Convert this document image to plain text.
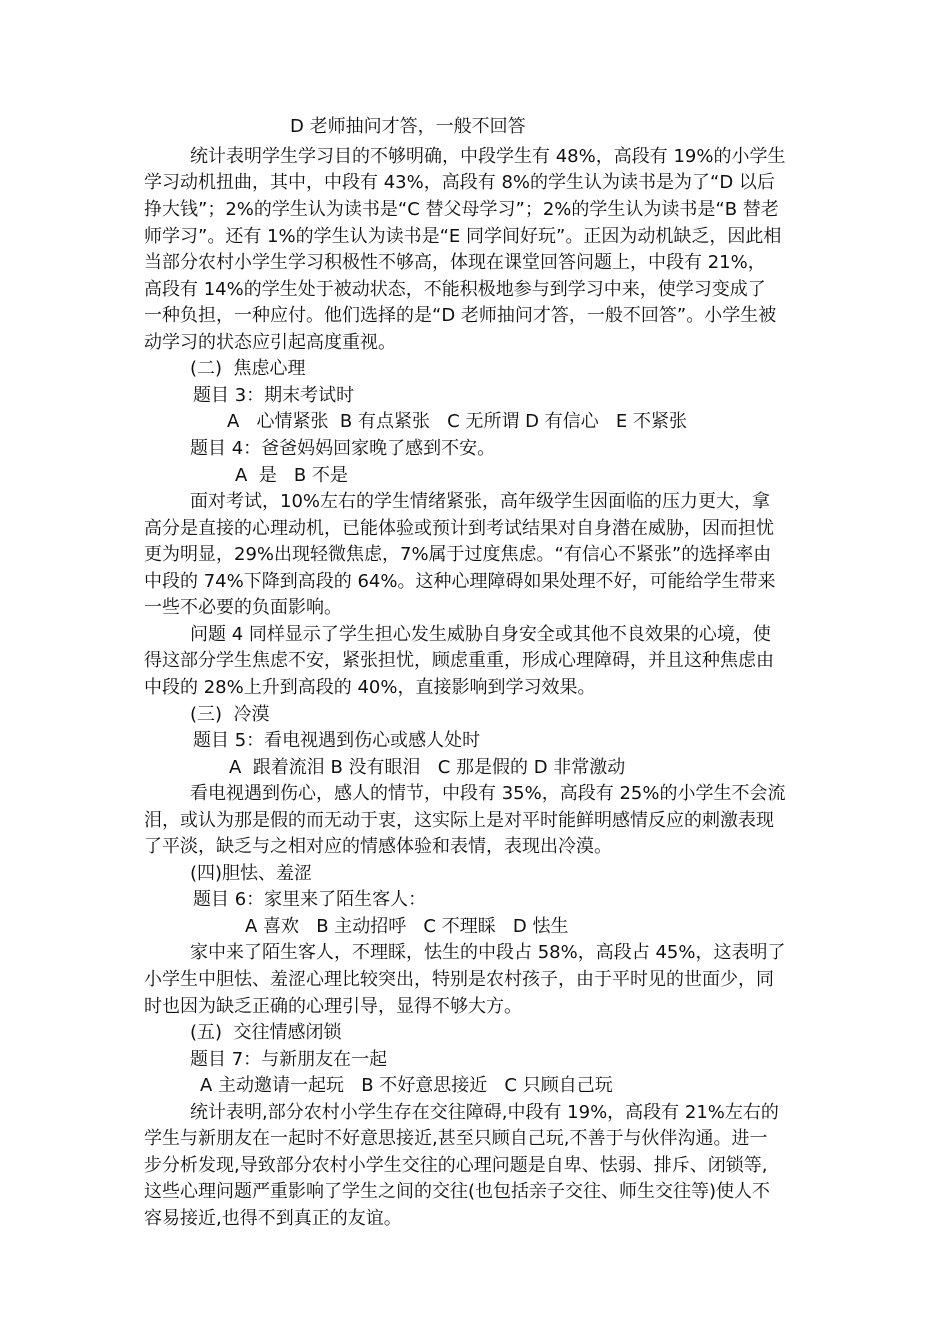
D 老师抽问才答，一般不回答
统计表明学生学习目的不够明确，中段学生有 48%，高段有 19%的小学生
学习动机扭曲，其中，中段有 43%，高段有 8%的学生认为读书是为了“D 以后
挣大钱”；2%的学生认为读书是“C 替父母学习”；2%的学生认为读书是“B 替老
师学习”。还有 1%的学生认为读书是“E 同学间好玩”。正因为动机缺乏，因此相
当部分农村小学生学习积极性不够高，体现在课堂回答问题上，中段有 21%，
高段有 14%的学生处于被动状态，不能积极地参与到学习中来，使学习变成了
一种负担，一种应付。他们选择的是“D 老师抽问才答，一般不回答”。小学生被
动学习的状态应引起高度重视。
(二)  焦虑心理
题目 3：期末考试时
A   心情紧张  B 有点紧张   C 无所谓 D 有信心   E 不紧张
题目 4：爸爸妈妈回家晚了感到不安。
A  是   B 不是
面对考试，10%左右的学生情绪紧张，高年级学生因面临的压力更大，拿
高分是直接的心理动机，已能体验或预计到考试结果对自身潜在威胁，因而担忧
更为明显，29%出现轻微焦虑，7%属于过度焦虑。“有信心不紧张”的选择率由
中段的 74%下降到高段的 64%。这种心理障碍如果处理不好，可能给学生带来
一些不必要的负面影响。
问题 4 同样显示了学生担心发生威胁自身安全或其他不良效果的心境，使
得这部分学生焦虑不安，紧张担忧，顾虑重重，形成心理障碍，并且这种焦虑由
中段的 28%上升到高段的 40%，直接影响到学习效果。
(三)  冷漠
题目 5：看电视遇到伤心或感人处时
A  跟着流泪 B 没有眼泪   C 那是假的 D 非常激动
看电视遇到伤心，感人的情节，中段有 35%，高段有 25%的小学生不会流
泪，或认为那是假的而无动于衷，这实际上是对平时能鲜明感情反应的刺激表现
了平淡，缺乏与之相对应的情感体验和表情，表现出冷漠。
(四)胆怯、羞涩
题目 6：家里来了陌生客人：
A 喜欢   B 主动招呼   C 不理睬   D 怯生
家中来了陌生客人，不理睬，怯生的中段占 58%，高段占 45%，这表明了
小学生中胆怯、羞涩心理比较突出，特别是农村孩子，由于平时见的世面少，同
时也因为缺乏正确的心理引导，显得不够大方。
(五)  交往情感闭锁
题目 7：与新朋友在一起
A 主动邀请一起玩   B 不好意思接近   C 只顾自己玩
统计表明,部分农村小学生存在交往障碍,中段有 19%，高段有 21%左右的
学生与新朋友在一起时不好意思接近,甚至只顾自己玩,不善于与伙伴沟通。进一
步分析发现,导致部分农村小学生交往的心理问题是自卑、怯弱、排斥、闭锁等,
这些心理问题严重影响了学生之间的交往(也包括亲子交往、师生交往等)使人不
容易接近,也得不到真正的友谊。
